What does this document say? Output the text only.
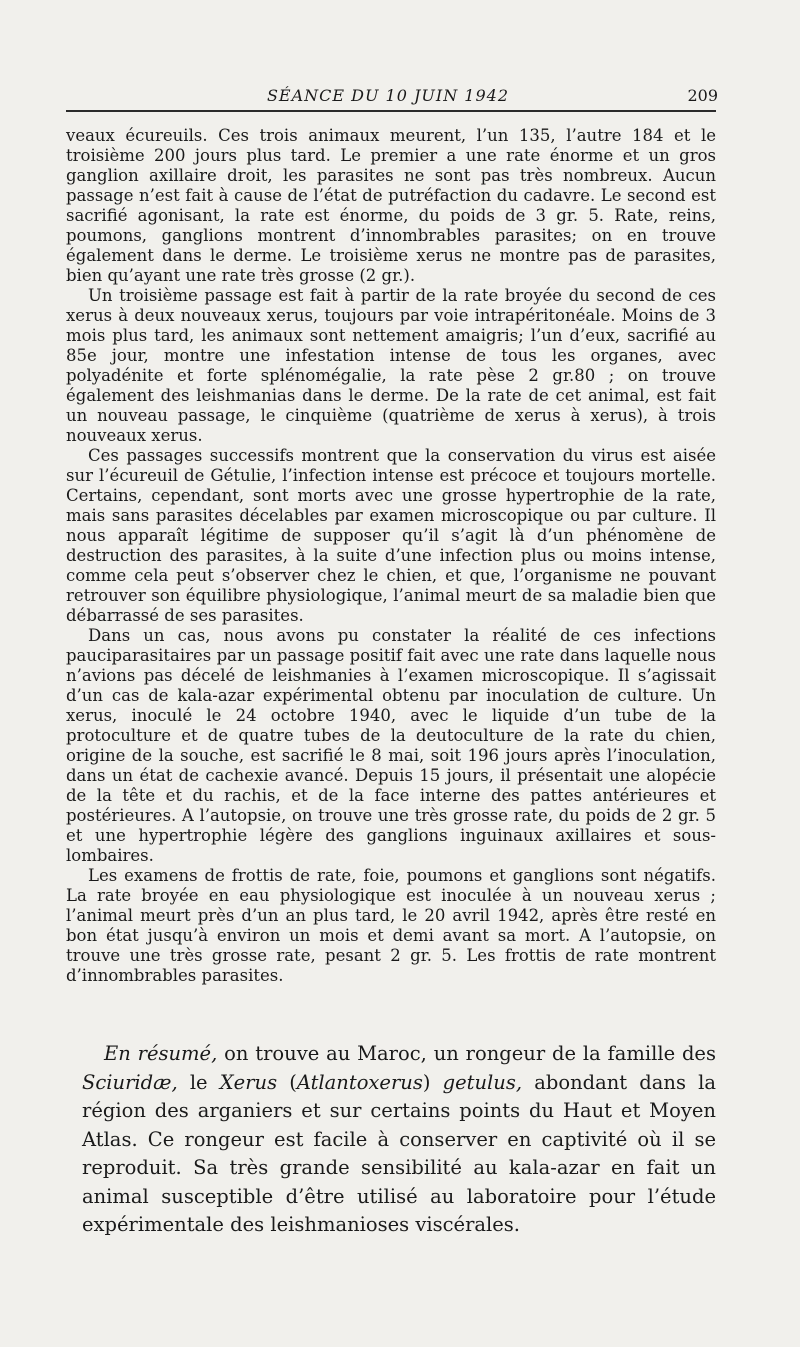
SÉANCE DU 10 JUIN 1942	209

veaux écureuils. Ces trois animaux meurent, l’un 135, l’autre 184 et le troisième 200 jours plus tard. Le premier a une rate énorme et un gros ganglion axillaire droit, les parasites ne sont pas très nombreux. Aucun passage n’est fait à cause de l’état de putréfaction du cadavre. Le second est sacrifié agonisant, la rate est énorme, du poids de 3 gr. 5. Rate, reins, poumons, ganglions montrent d’innombrables parasites; on en trouve également dans le derme. Le troisième xerus ne montre pas de parasites, bien qu’ayant une rate très grosse (2 gr.).

Un troisième passage est fait à partir de la rate broyée du second de ces xerus à deux nouveaux xerus, toujours par voie intrapéritonéale. Moins de 3 mois plus tard, les animaux sont nettement amaigris; l’un d’eux, sacrifié au 85e jour, montre une infestation intense de tous les organes, avec polyadénite et forte splénomégalie, la rate pèse 2 gr.80 ; on trouve également des leishmanias dans le derme. De la rate de cet animal, est fait un nouveau passage, le cinquième (quatrième de xerus à xerus), à trois nouveaux xerus.

Ces passages successifs montrent que la conservation du virus est aisée sur l’écureuil de Gétulie, l’infection intense est précoce et toujours mortelle. Certains, cependant, sont morts avec une grosse hypertrophie de la rate, mais sans parasites décelables par examen microscopique ou par culture. Il nous apparaît légitime de supposer qu’il s’agit là d’un phénomène de destruction des parasites, à la suite d’une infection plus ou moins intense, comme cela peut s’observer chez le chien, et que, l’organisme ne pouvant retrouver son équilibre physiologique, l’animal meurt de sa maladie bien que débarrassé de ses parasites.

Dans un cas, nous avons pu constater la réalité de ces infections pauciparasitaires par un passage positif fait avec une rate dans laquelle nous n’avions pas décelé de leishmanies à l’examen microscopique. Il s’agissait d’un cas de kala-azar expérimental obtenu par inoculation de culture. Un xerus, inoculé le 24 octobre 1940, avec le liquide d’un tube de la protoculture et de quatre tubes de la deutoculture de la rate du chien, origine de la souche, est sacrifié le 8 mai, soit 196 jours après l’inoculation, dans un état de cachexie avancé. Depuis 15 jours, il présentait une alopécie de la tête et du rachis, et de la face interne des pattes antérieures et postérieures. A l’autopsie, on trouve une très grosse rate, du poids de 2 gr. 5 et une hypertrophie légère des ganglions inguinaux axillaires et sous-lombaires.

Les examens de frottis de rate, foie, poumons et ganglions sont négatifs. La rate broyée en eau physiologique est inoculée à un nouveau xerus ; l’animal meurt près d’un an plus tard, le 20 avril 1942, après être resté en bon état jusqu’à environ un mois et demi avant sa mort. A l’autopsie, on trouve une très grosse rate, pesant 2 gr. 5. Les frottis de rate montrent d’innombrables parasites.

En résumé, on trouve au Maroc, un rongeur de la famille des Sciuridæ, le Xerus (Atlantoxerus) getulus, abondant dans la région des arganiers et sur certains points du Haut et Moyen Atlas. Ce rongeur est facile à conserver en captivité où il se reproduit. Sa très grande sensibilité au kala-azar en fait un animal susceptible d’être utilisé au laboratoire pour l’étude expérimentale des leishmanioses viscérales.
